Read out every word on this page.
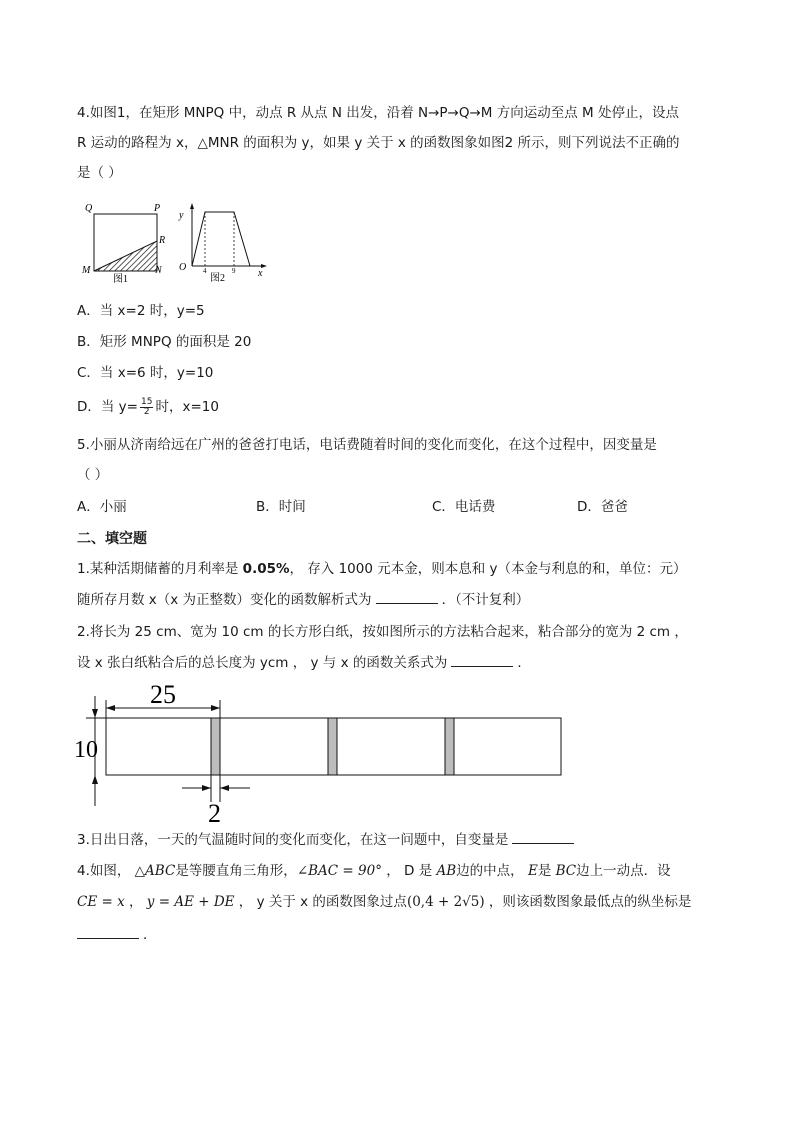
4.如图1，在矩形 MNPQ 中，动点 R 从点 N 出发，沿着 N→P→Q→M 方向运动至点 M 处停止，设点
R 运动的路程为 x，△MNR 的面积为 y，如果 y 关于 x 的函数图象如图2 所示，则下列说法不正确的
是（ ）
Q	P
R
M	N
图1
y
x
O 4	9
图2
A．当 x=2 时，y=5
B．矩形 MNPQ 的面积是 20
C．当 x=6 时，y=10
D．当 $y= \frac{15}{2}$ 时，x=10
5.小丽从济南给远在广州的爸爸打电话，电话费随着时间的变化而变化，在这个过程中，因变量是
（ ）
A．小丽	B．时间	C．电话费	D．爸爸
二、填空题
1.某种活期储蓄的月利率是 0.05%， 存入 1000 元本金，则本息和 y（本金与利息的和，单位：元）
随所存月数 x（x 为正整数）变化的函数解析式为	．（不计复利）
2.将长为 25 cm、宽为 10 cm 的长方形白纸，按如图所示的方法粘合起来，粘合部分的宽为 2 cm ，
设 x 张白纸粘合后的总长度为 ycm ， y 与 x 的函数关系式为	．
25
10
2
3.日出日落，一天的气温随时间的变化而变化，在这一问题中，自变量是
4.如图， △ABC是等腰直角三角形，∠BAC = 90° ， D 是 AB边的中点， E是 BC边上一动点．设
CE = x ， y = AE + DE ， y 关于 x 的函数图象过点(0,4 + 2√5) ，则该函数图象最低点的纵坐标是
．
